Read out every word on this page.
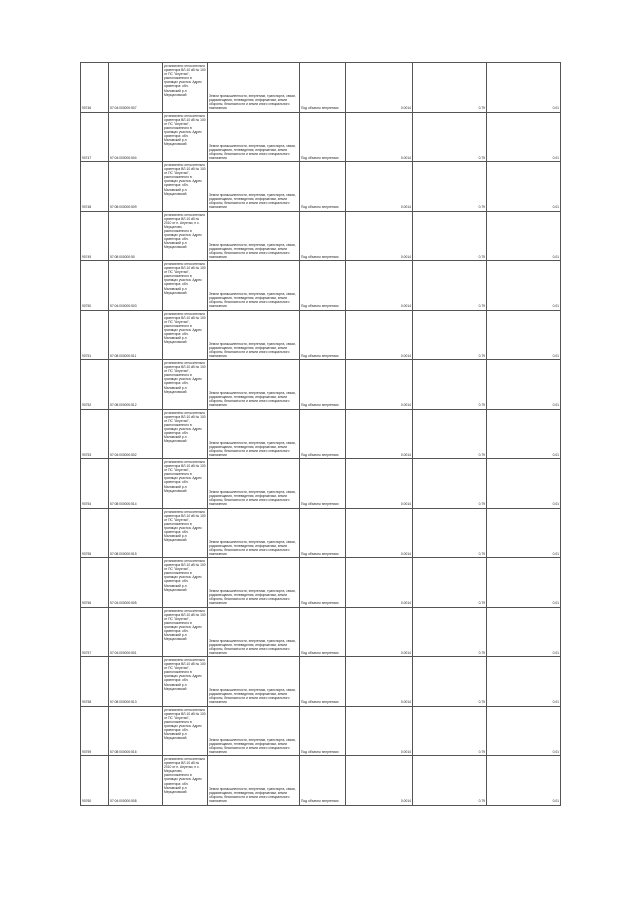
90746	57:04:000000:507	установлено относительно ориентира ВЛ-10 кВ № 100 от ПС "Апухтаи", расположенного в границах участка. Адрес ориентира: обл. Маловский р-н Мерцаловский	Земли промышленности, энергетики, транспорта, связи, радиовещания, телевидения, информатики, земли обороны, безопасности и земли иного специального назначения	Под объекты энергетики	0.0014	0.79	0.01
90747	57:04:000000:504	установлено относительно ориентира ВЛ-10 кВ № 100 от ПС "Апухтаи", расположенного в границах участка. Адрес ориентира: обл. Маловский р-н Мерцаловский	Земли промышленности, энергетики, транспорта, связи, радиовещания, телевидения, информатики, земли обороны, безопасности и земли иного специального назначения	Под объекты энергетики	0.0014	0.79	0.01
90748	57:08:000000:509	установлено относительно ориентира ВЛ-10 кВ № 100 от ПС "Апухтаи", расположенного в границах участка. Адрес ориентира: обл. Маловский р-н Мерцаловский	Земли промышленности, энергетики, транспорта, связи, радиовещания, телевидения, информатики, земли обороны, безопасности и земли иного специального назначения	Под объекты энергетики	0.0014	0.79	0.01
90749	57:08:000000:50	установлено относительно ориентира ВЛ-10 кВ № 2010 от п. Апухтаи, н с. Мерцалово, расположенного в границах участка. Адрес ориентира: обл. Маловский р-н Мерцаловский	Земли промышленности, энергетики, транспорта, связи, радиовещания, телевидения, информатики, земли обороны, безопасности и земли иного специального назначения	Под объекты энергетики	0.0014	0.79	0.01
90750	57:04:000000:503	установлено относительно ориентира ВЛ-10 кВ № 100 от ПС "Апухтаи", расположенного в границах участка. Адрес ориентира: обл. Маловский р-н Мерцаловский	Земли промышленности, энергетики, транспорта, связи, радиовещания, телевидения, информатики, земли обороны, безопасности и земли иного специального назначения	Под объекты энергетики	0.0014	0.79	0.01
90751	57:08:000000:511	установлено относительно ориентира ВЛ-10 кВ № 100 от ПС "Апухтаи", расположенного в границах участка. Адрес ориентира: обл. Маловский р-н Мерцаловский	Земли промышленности, энергетики, транспорта, связи, радиовещания, телевидения, информатики, земли обороны, безопасности и земли иного специального назначения	Под объекты энергетики	0.0014	0.79	0.01
90752	57:08:000000:512	установлено относительно ориентира ВЛ-10 кВ № 100 от ПС "Апухтаи", расположенного в границах участка. Адрес ориентира: обл. Маловский р-н Мерцаловский	Земли промышленности, энергетики, транспорта, связи, радиовещания, телевидения, информатики, земли обороны, безопасности и земли иного специального назначения	Под объекты энергетики	0.0014	0.79	0.01
90753	57:04:000000:502	установлено относительно ориентира ВЛ-10 кВ № 100 от ПС "Апухтаи", расположенного в границах участка. Адрес ориентира: обл. Маловский р-н Мерцаловский	Земли промышленности, энергетики, транспорта, связи, радиовещания, телевидения, информатики, земли обороны, безопасности и земли иного специального назначения	Под объекты энергетики	0.0014	0.79	0.01
90754	57:08:000000:514	установлено относительно ориентира ВЛ-10 кВ № 100 от ПС "Апухтаи", расположенного в границах участка. Адрес ориентира: обл. Маловский р-н Мерцаловский	Земли промышленности, энергетики, транспорта, связи, радиовещания, телевидения, информатики, земли обороны, безопасности и земли иного специального назначения	Под объекты энергетики	0.0014	0.79	0.01
90755	57:08:000000:515	установлено относительно ориентира ВЛ-10 кВ № 100 от ПС "Апухтаи", расположенного в границах участка. Адрес ориентира: обл. Маловский р-н Мерцаловский	Земли промышленности, энергетики, транспорта, связи, радиовещания, телевидения, информатики, земли обороны, безопасности и земли иного специального назначения	Под объекты энергетики	0.0014	0.79	0.01
90756	57:04:000000:505	установлено относительно ориентира ВЛ-10 кВ № 100 от ПС "Апухтаи", расположенного в границах участка. Адрес ориентира: обл. Маловский р-н Мерцаловский	Земли промышленности, энергетики, транспорта, связи, радиовещания, телевидения, информатики, земли обороны, безопасности и земли иного специального назначения	Под объекты энергетики	0.0014	0.79	0.01
90757	57:04:000000:501	установлено относительно ориентира ВЛ-10 кВ № 100 от ПС "Апухтаи", расположенного в границах участка. Адрес ориентира: обл. Маловский р-н Мерцаловский	Земли промышленности, энергетики, транспорта, связи, радиовещания, телевидения, информатики, земли обороны, безопасности и земли иного специального назначения	Под объекты энергетики	0.0014	0.79	0.01
90758	57:08:000000:513	установлено относительно ориентира ВЛ-10 кВ № 100 от ПС "Апухтаи", расположенного в границах участка. Адрес ориентира: обл. Маловский р-н Мерцаловский	Земли промышленности, энергетики, транспорта, связи, радиовещания, телевидения, информатики, земли обороны, безопасности и земли иного специального назначения	Под объекты энергетики	0.0014	0.79	0.01
90759	57:08:000000:516	установлено относительно ориентира ВЛ-10 кВ № 100 от ПС "Апухтаи", расположенного в границах участка. Адрес ориентира: обл. Маловский р-н Мерцаловский	Земли промышленности, энергетики, транспорта, связи, радиовещания, телевидения, информатики, земли обороны, безопасности и земли иного специального назначения	Под объекты энергетики	0.0014	0.79	0.01
90760	57:04:000000:508	установлено относительно ориентира ВЛ-10 кВ № 2010 от п. Апухтаи, н с. Мерцалово, расположенного в границах участка. Адрес ориентира: обл. Маловский р-н Мерцаловский	Земли промышленности, энергетики, транспорта, связи, радиовещания, телевидения, информатики, земли обороны, безопасности и земли иного специального назначения	Под объекты энергетики	0.0014	0.79	0.01
